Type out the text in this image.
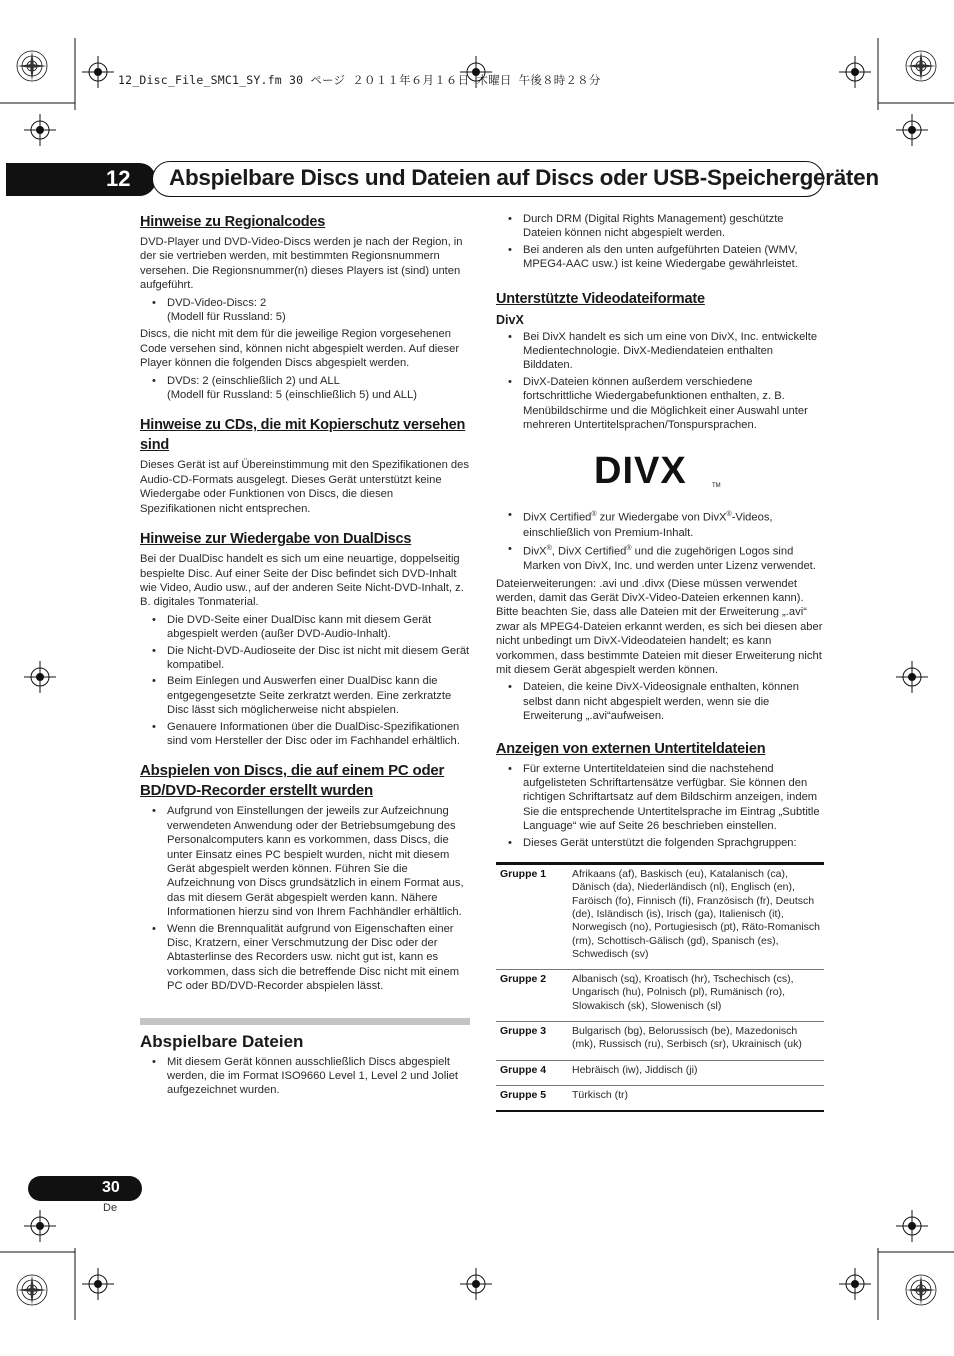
12_Disc_File_SMC1_SY.fm 30 ページ ２０１１年６月１６日 木曜日 午後８時２８分
12 Abspielbare Discs und Dateien auf Discs oder USB-Speichergeräten
Hinweise zu Regionalcodes

DVD-Player und DVD-Video-Discs werden je nach der Region, in der sie vertrieben werden, mit bestimmten Regionsnummern versehen. Die Regionsnummer(n) dieses Players ist (sind) unten aufgeführt.

• DVD-Video-Discs: 2
(Modell für Russland: 5)

Discs, die nicht mit dem für die jeweilige Region vorgesehenen Code versehen sind, können nicht abgespielt werden. Auf dieser Player können die folgenden Discs abgespielt werden.

• DVDs: 2 (einschließlich 2) und ALL
(Modell für Russland: 5 (einschließlich 5) und ALL)
Hinweise zu CDs, die mit Kopierschutz versehen sind

Dieses Gerät ist auf Übereinstimmung mit den Spezifikationen des Audio-CD-Formats ausgelegt. Dieses Gerät unterstützt keine Wiedergabe oder Funktionen von Discs, die diesen Spezifikationen nicht entsprechen.

Hinweise zur Wiedergabe von DualDiscs

Bei der DualDisc handelt es sich um eine neuartige, doppelseitig bespielte Disc. Auf einer Seite der Disc befindet sich DVD-Inhalt wie Video, Audio usw., auf der anderen Seite Nicht-DVD-Inhalt, z. B. digitales Tonmaterial.

• Die DVD-Seite einer DualDisc kann mit diesem Gerät abgespielt werden (außer DVD-Audio-Inhalt).
• Die Nicht-DVD-Audioseite der Disc ist nicht mit diesem Gerät kompatibel.
• Beim Einlegen und Auswerfen einer DualDisc kann die entgegengesetzte Seite zerkratzt werden. Eine zerkratzte Disc lässt sich möglicherweise nicht abspielen.
• Genauere Informationen über die DualDisc-Spezifikationen sind vom Hersteller der Disc oder im Fachhandel erhältlich.
Abspielen von Discs, die auf einem PC oder BD/DVD-Recorder erstellt wurden
• Aufgrund von Einstellungen der jeweils zur Aufzeichnung verwendeten Anwendung oder der Betriebsumgebung des Personalcomputers kann es vorkommen, dass Discs, die unter Einsatz eines PC bespielt wurden, nicht mit diesem Gerät abgespielt werden können. Führen Sie die Aufzeichnung von Discs grundsätzlich in einem Format aus, das mit diesem Gerät abgespielt werden kann. Nähere Informationen hierzu sind von Ihrem Fachhändler erhältlich.
• Wenn die Brennqualität aufgrund von Eigenschaften einer Disc, Kratzern, einer Verschmutzung der Disc oder der Abtasterlinse des Recorders usw. nicht gut ist, kann es vorkommen, dass sich die betreffende Disc nicht mit einem PC oder BD/DVD-Recorder abspielen lässt.
Abspielbare Dateien
• Mit diesem Gerät können ausschließlich Discs abgespielt werden, die im Format ISO9660 Level 1, Level 2 und Joliet aufgezeichnet wurden.
• Durch DRM (Digital Rights Management) geschützte Dateien können nicht abgespielt werden.
• Bei anderen als den unten aufgeführten Dateien (WMV, MPEG4-AAC usw.) ist keine Wiedergabe gewährleistet.
Unterstützte Videodateiformate
DivX
• Bei DivX handelt es sich um eine von DivX, Inc. entwickelte Medientechnologie. DivX-Mediendateien enthalten Bilddaten.
• DivX-Dateien können außerdem verschiedene fortschrittliche Wiedergabefunktionen enthalten, z. B. Menübildschirme und die Möglichkeit einer Auswahl unter mehreren Untertitelsprachen/Tonspursprachen.
DIVX	TM
• DivX Certified® zur Wiedergabe von DivX®-Videos, einschließlich von Premium-Inhalt.
• DivX®, DivX Certified® und die zugehörigen Logos sind Marken von DivX, Inc. und werden unter Lizenz verwendet.

Dateierweiterungen: .avi und .divx (Diese müssen verwendet werden, damit das Gerät DivX-Video-Dateien erkennen kann). Bitte beachten Sie, dass alle Dateien mit der Erweiterung „.avi“ zwar als MPEG4-Dateien erkannt werden, es sich bei diesen aber nicht unbedingt um DivX-Videodateien handelt; es kann vorkommen, dass bestimmte Dateien mit dieser Erweiterung nicht mit diesem Gerät abgespielt werden können.

• Dateien, die keine DivX-Videosignale enthalten, können selbst dann nicht abgespielt werden, wenn sie die Erweiterung „.avi“aufweisen.
Anzeigen von externen Untertiteldateien
• Für externe Untertiteldateien sind die nachstehend aufgelisteten Schriftartensätze verfügbar. Sie können den richtigen Schriftartsatz auf dem Bildschirm anzeigen, indem Sie die entsprechende Untertitelsprache im Eintrag „Subtitle Language“ wie auf Seite 26 beschrieben einstellen.
• Dieses Gerät unterstützt die folgenden Sprachgruppen:
Gruppe 1	Afrikaans (af), Baskisch (eu), Katalanisch (ca), Dänisch (da), Niederländisch (nl), Englisch (en), Faröisch (fo), Finnisch (fi), Französisch (fr), Deutsch (de), Isländisch (is), Irisch (ga), Italienisch (it), Norwegisch (no), Portugiesisch (pt), Räto-Romanisch (rm), Schottisch-Gälisch (gd), Spanisch (es), Schwedisch (sv)
Gruppe 2	Albanisch (sq), Kroatisch (hr), Tschechisch (cs), Ungarisch (hu), Polnisch (pl), Rumänisch (ro), Slowakisch (sk), Slowenisch (sl)
Gruppe 3	Bulgarisch (bg), Belorussisch (be), Mazedonisch (mk), Russisch (ru), Serbisch (sr), Ukrainisch (uk)
Gruppe 4	Hebräisch (iw), Jiddisch (ji)
Gruppe 5	Türkisch (tr)
30
De
